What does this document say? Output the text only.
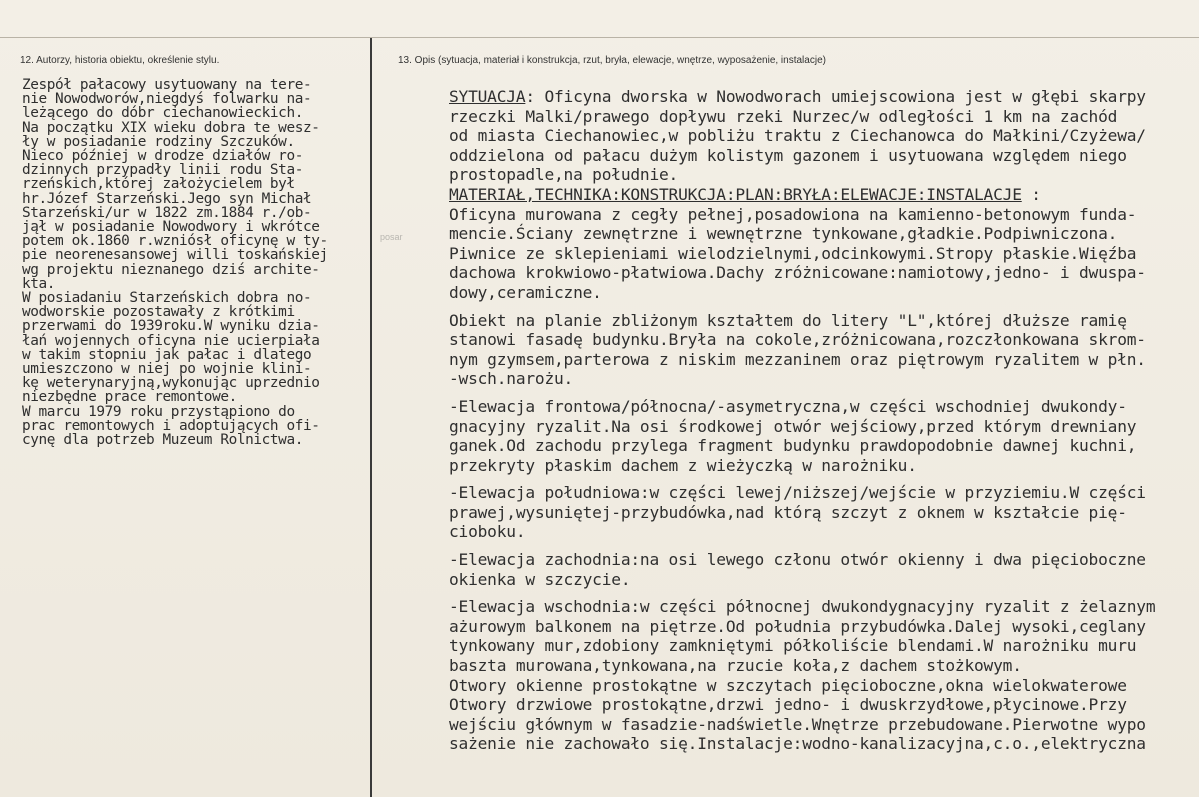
12. Autorzy, historia obiektu, określenie stylu.	13. Opis (sytuacja, materiał i konstrukcja, rzut, bryła, elewacje, wnętrze, wyposażenie, instalacje)
posar
Zespół pałacowy usytuowany na tere-
nie Nowodworów,niegdyś folwarku na-
leżącego do dóbr ciechanowieckich.
Na początku XIX wieku dobra te wesz-
ły w posiadanie rodziny Szczuków.
Nieco później w drodze działów ro-
dzinnych przypadły linii rodu Sta-
rzeńskich,której założycielem był
hr.Józef Starzeński.Jego syn Michał
Starzeński/ur w 1822 zm.1884 r./ob-
jął w posiadanie Nowodwory i wkrótce
potem ok.1860 r.wzniósł oficynę w ty-
pie neorenesansowej willi toskańskiej
wg projektu nieznanego dziś archite-
kta.
W posiadaniu Starzeńskich dobra no-
wodworskie pozostawały z krótkimi
przerwami do 1939roku.W wyniku dzia-
łań wojennych oficyna nie ucierpiała
w takim stopniu jak pałac i dlatego
umieszczono w niej po wojnie klini-
kę weterynaryjną,wykonując uprzednio
niezbędne prace remontowe.
W marcu 1979 roku przystąpiono do
prac remontowych i adoptujących ofi-
cynę dla potrzeb Muzeum Rolnictwa.
SYTUACJA: Oficyna dworska w Nowodworach umiejscowiona jest w głębi skarpy
rzeczki Malki/prawego dopływu rzeki Nurzec/w odległości 1 km na zachód
od miasta Ciechanowiec,w pobliżu traktu z Ciechanowca do Małkini/Czyżewa/
oddzielona od pałacu dużym kolistym gazonem i usytuowana względem niego
prostopadle,na południe.
MATERIAŁ,TECHNIKA:KONSTRUKCJA:PLAN:BRYŁA:ELEWACJE:INSTALACJE :
Oficyna murowana z cegły pełnej,posadowiona na kamienno-betonowym funda-
mencie.Ściany zewnętrzne i wewnętrzne tynkowane,gładkie.Podpiwniczona.
Piwnice ze sklepieniami wielodzielnymi,odcinkowymi.Stropy płaskie.Więźba
dachowa krokwiowo-płatwiowa.Dachy zróżnicowane:namiotowy,jedno- i dwuspa-
dowy,ceramiczne.
Obiekt na planie zbliżonym kształtem do litery "L",której dłuższe ramię
stanowi fasadę budynku.Bryła na cokole,zróżnicowana,rozczłonkowana skrom-
nym gzymsem,parterowa z niskim mezzaninem oraz piętrowym ryzalitem w płn.
-wsch.narożu.
-Elewacja frontowa/północna/-asymetryczna,w części wschodniej dwukondy-
gnacyjny ryzalit.Na osi środkowej otwór wejściowy,przed którym drewniany
ganek.Od zachodu przylega fragment budynku prawdopodobnie dawnej kuchni,
przekryty płaskim dachem z wieżyczką w narożniku.
-Elewacja południowa:w części lewej/niższej/wejście w przyziemiu.W części
prawej,wysuniętej-przybudówka,nad którą szczyt z oknem w kształcie pię-
cioboku.
-Elewacja zachodnia:na osi lewego członu otwór okienny i dwa pięcioboczne
okienka w szczycie.
-Elewacja wschodnia:w części północnej dwukondygnacyjny ryzalit z żelaznym
ażurowym balkonem na piętrze.Od południa przybudówka.Dalej wysoki,ceglany
tynkowany mur,zdobiony zamkniętymi półkoliście blendami.W narożniku muru
baszta murowana,tynkowana,na rzucie koła,z dachem stożkowym.
Otwory okienne prostokątne w szczytach pięcioboczne,okna wielokwaterowe
Otwory drzwiowe prostokątne,drzwi jedno- i dwuskrzydłowe,płycinowe.Przy
wejściu głównym w fasadzie-nadświetle.Wnętrze przebudowane.Pierwotne wypo
sażenie nie zachowało się.Instalacje:wodno-kanalizacyjna,c.o.,elektryczna
